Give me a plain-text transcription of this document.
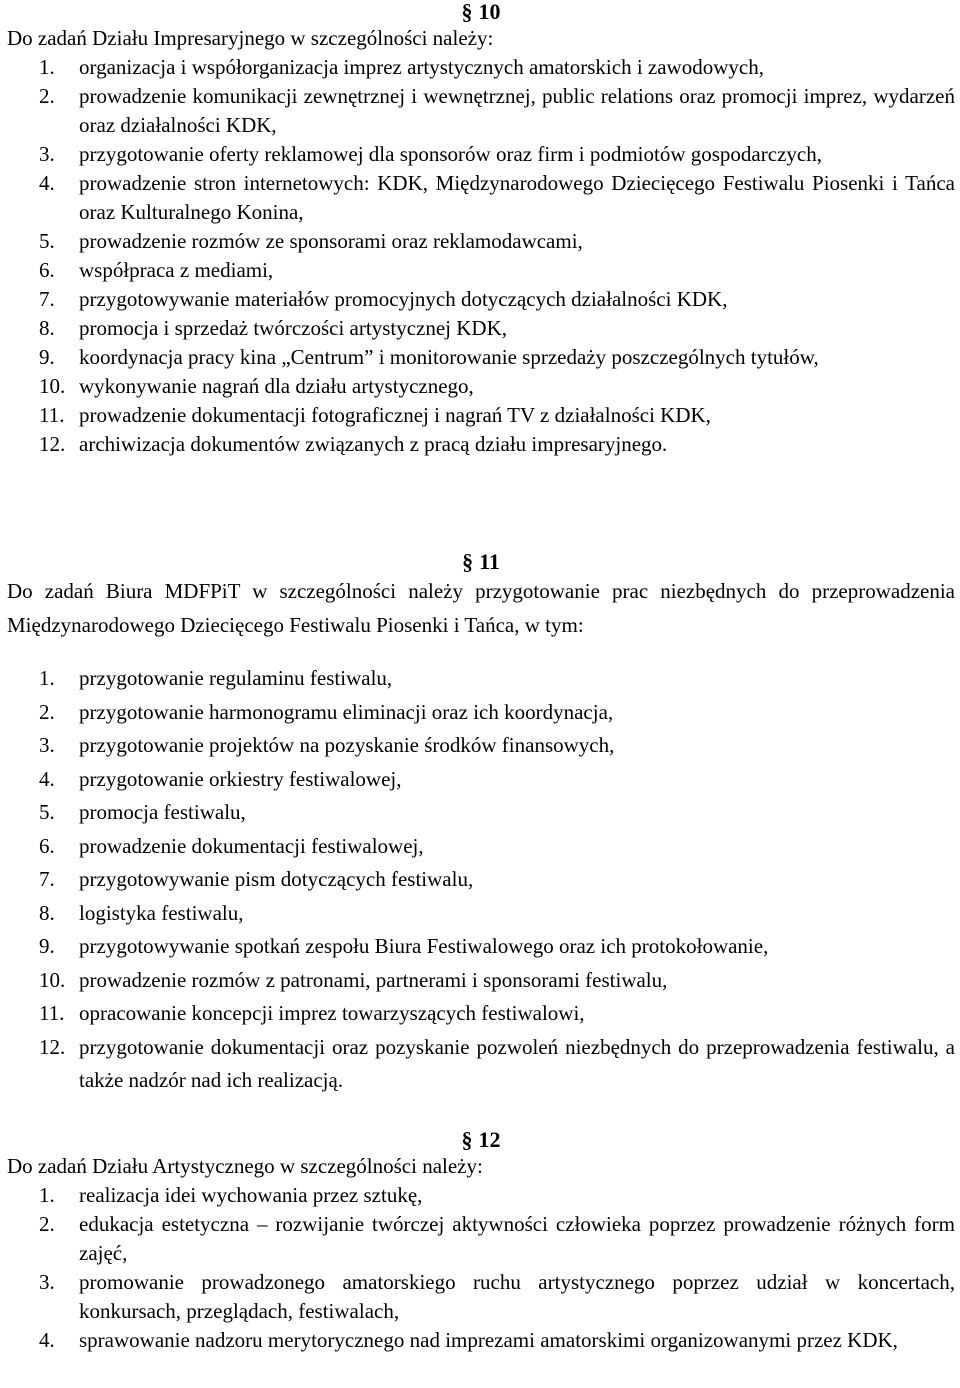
§ 10

Do zadań Działu Impresaryjnego w szczególności należy:

1. organizacja i współorganizacja imprez artystycznych amatorskich i zawodowych,
2. prowadzenie komunikacji zewnętrznej i wewnętrznej, public relations oraz promocji imprez, wydarzeń oraz działalności KDK,
3. przygotowanie oferty reklamowej dla sponsorów oraz firm i podmiotów gospodarczych,
4. prowadzenie stron internetowych: KDK, Międzynarodowego Dziecięcego Festiwalu Piosenki i Tańca oraz Kulturalnego Konina,
5. prowadzenie rozmów ze sponsorami oraz reklamodawcami,
6. współpraca z mediami,
7. przygotowywanie materiałów promocyjnych dotyczących działalności KDK,
8. promocja i sprzedaż twórczości artystycznej KDK,
9. koordynacja pracy kina „Centrum” i monitorowanie sprzedaży poszczególnych tytułów,
10. wykonywanie nagrań dla działu artystycznego,
11. prowadzenie dokumentacji fotograficznej i nagrań TV z działalności KDK,
12. archiwizacja dokumentów związanych z pracą działu impresaryjnego.
§ 11

Do zadań Biura MDFPiT w szczególności należy przygotowanie prac niezbędnych do przeprowadzenia Międzynarodowego Dziecięcego Festiwalu Piosenki i Tańca, w tym:

1. przygotowanie regulaminu festiwalu,
2. przygotowanie harmonogramu eliminacji oraz ich koordynacja,
3. przygotowanie projektów na pozyskanie środków finansowych,
4. przygotowanie orkiestry festiwalowej,
5. promocja festiwalu,
6. prowadzenie dokumentacji festiwalowej,
7. przygotowywanie pism dotyczących festiwalu,
8. logistyka festiwalu,
9. przygotowywanie spotkań zespołu Biura Festiwalowego oraz ich protokołowanie,
10. prowadzenie rozmów z patronami, partnerami i sponsorami festiwalu,
11. opracowanie koncepcji imprez towarzyszących festiwalowi,
12. przygotowanie dokumentacji oraz pozyskanie pozwoleń niezbędnych do przeprowadzenia festiwalu, a także nadzór nad ich realizacją.
§ 12

Do zadań Działu Artystycznego w szczególności należy:

1. realizacja idei wychowania przez sztukę,
2. edukacja estetyczna – rozwijanie twórczej aktywności człowieka poprzez prowadzenie różnych form zajęć,
3. promowanie prowadzonego amatorskiego ruchu artystycznego poprzez udział w koncertach, konkursach, przeglądach, festiwalach,
4. sprawowanie nadzoru merytorycznego nad imprezami amatorskimi organizowanymi przez KDK,
